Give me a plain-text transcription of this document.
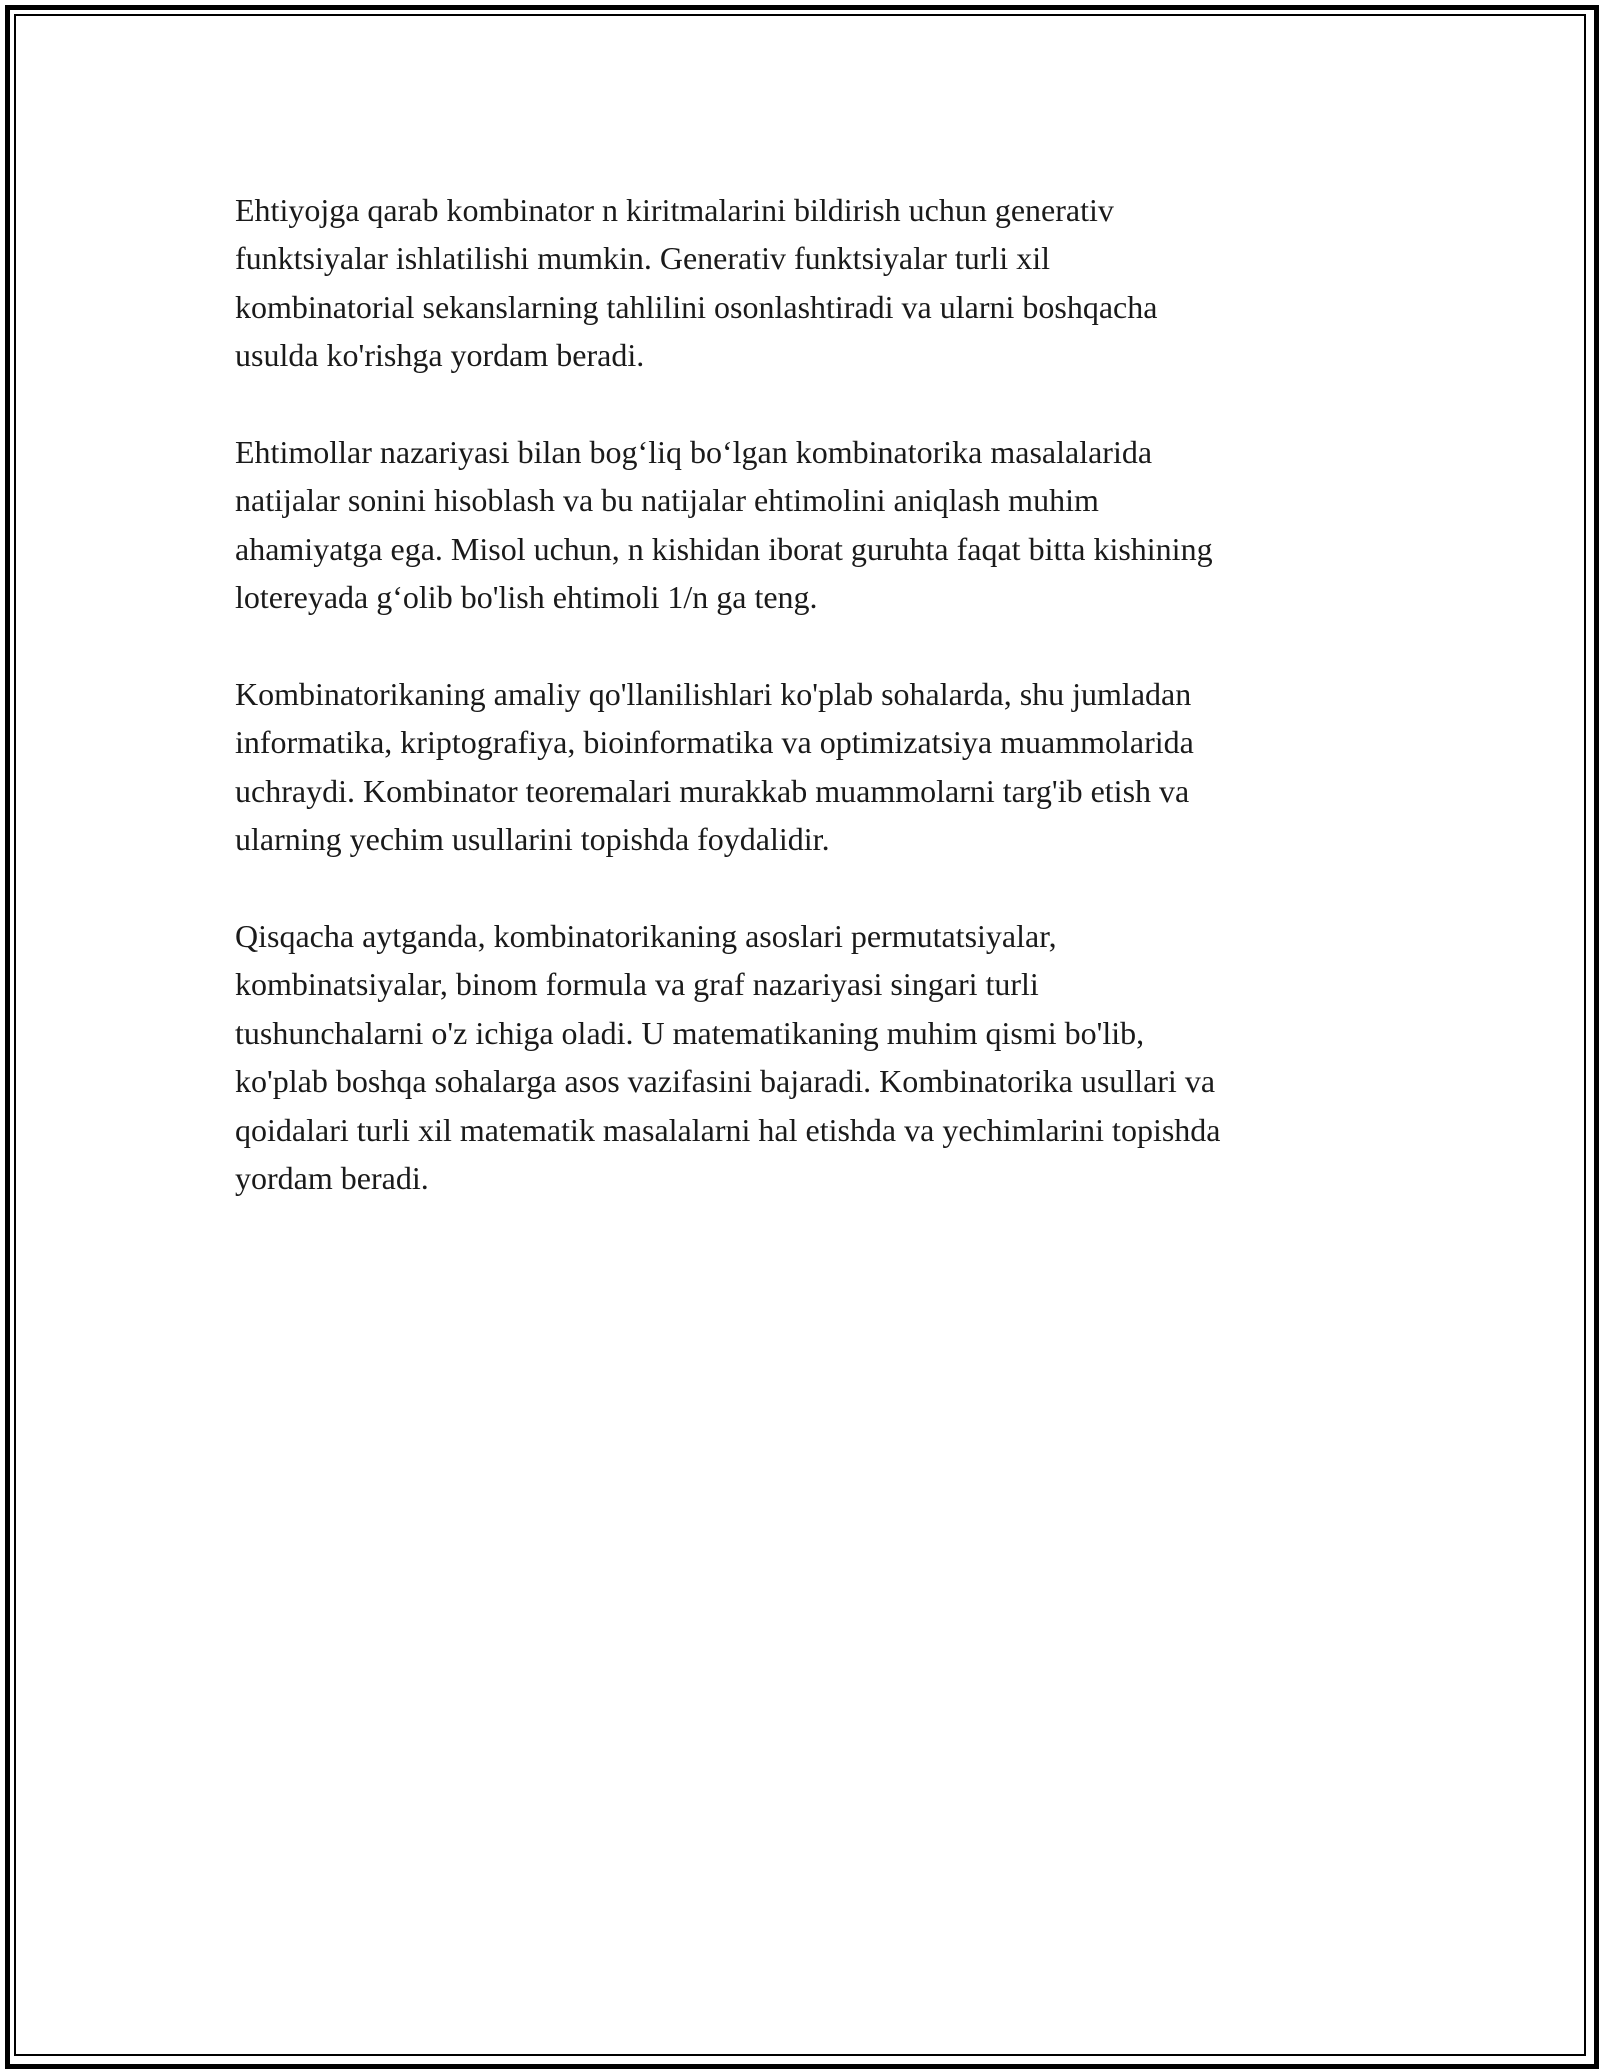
Ehtiyojga qarab kombinator n kiritmalarini bildirish uchun generativ
funktsiyalar ishlatilishi mumkin. Generativ funktsiyalar turli xil
kombinatorial sekanslarning tahlilini osonlashtiradi va ularni boshqacha
usulda ko'rishga yordam beradi.

Ehtimollar nazariyasi bilan bog‘liq bo‘lgan kombinatorika masalalarida
natijalar sonini hisoblash va bu natijalar ehtimolini aniqlash muhim
ahamiyatga ega. Misol uchun, n kishidan iborat guruhta faqat bitta kishining
lotereyada g‘olib bo'lish ehtimoli 1/n ga teng.

Kombinatorikaning amaliy qo'llanilishlari ko'plab sohalarda, shu jumladan
informatika, kriptografiya, bioinformatika va optimizatsiya muammolarida
uchraydi. Kombinator teoremalari murakkab muammolarni targ'ib etish va
ularning yechim usullarini topishda foydalidir.

Qisqacha aytganda, kombinatorikaning asoslari permutatsiyalar,
kombinatsiyalar, binom formula va graf nazariyasi singari turli
tushunchalarni o'z ichiga oladi. U matematikaning muhim qismi bo'lib,
ko'plab boshqa sohalarga asos vazifasini bajaradi. Kombinatorika usullari va
qoidalari turli xil matematik masalalarni hal etishda va yechimlarini topishda
yordam beradi.
